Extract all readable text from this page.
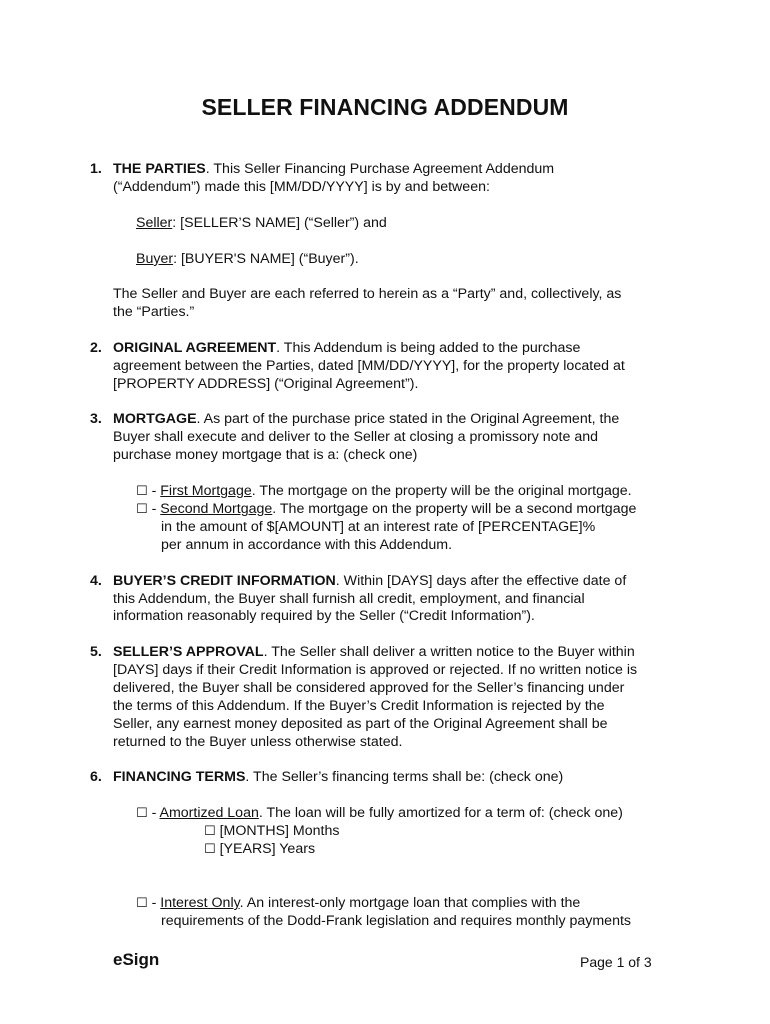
SELLER FINANCING ADDENDUM
1. THE PARTIES. This Seller Financing Purchase Agreement Addendum
(“Addendum”) made this [MM/DD/YYYY] is by and between:
Seller: [SELLER’S NAME] (“Seller”) and
Buyer: [BUYER'S NAME] (“Buyer”).
The Seller and Buyer are each referred to herein as a “Party” and, collectively, as
the “Parties.”
2. ORIGINAL AGREEMENT. This Addendum is being added to the purchase
agreement between the Parties, dated [MM/DD/YYYY], for the property located at
[PROPERTY ADDRESS] (“Original Agreement”).
3. MORTGAGE. As part of the purchase price stated in the Original Agreement, the
Buyer shall execute and deliver to the Seller at closing a promissory note and
purchase money mortgage that is a: (check one)
☐ - First Mortgage. The mortgage on the property will be the original mortgage.
☐ - Second Mortgage. The mortgage on the property will be a second mortgage
in the amount of $[AMOUNT] at an interest rate of [PERCENTAGE]%
per annum in accordance with this Addendum.
4. BUYER’S CREDIT INFORMATION. Within [DAYS] days after the effective date of
this Addendum, the Buyer shall furnish all credit, employment, and financial
information reasonably required by the Seller (“Credit Information”).
5. SELLER’S APPROVAL. The Seller shall deliver a written notice to the Buyer within
[DAYS] days if their Credit Information is approved or rejected. If no written notice is
delivered, the Buyer shall be considered approved for the Seller’s financing under
the terms of this Addendum. If the Buyer’s Credit Information is rejected by the
Seller, any earnest money deposited as part of the Original Agreement shall be
returned to the Buyer unless otherwise stated.
6. FINANCING TERMS. The Seller’s financing terms shall be: (check one)
☐ - Amortized Loan. The loan will be fully amortized for a term of: (check one)
☐ [MONTHS] Months
☐ [YEARS] Years
☐ - Interest Only. An interest-only mortgage loan that complies with the
requirements of the Dodd-Frank legislation and requires monthly payments
eSign	Page 1 of 3
